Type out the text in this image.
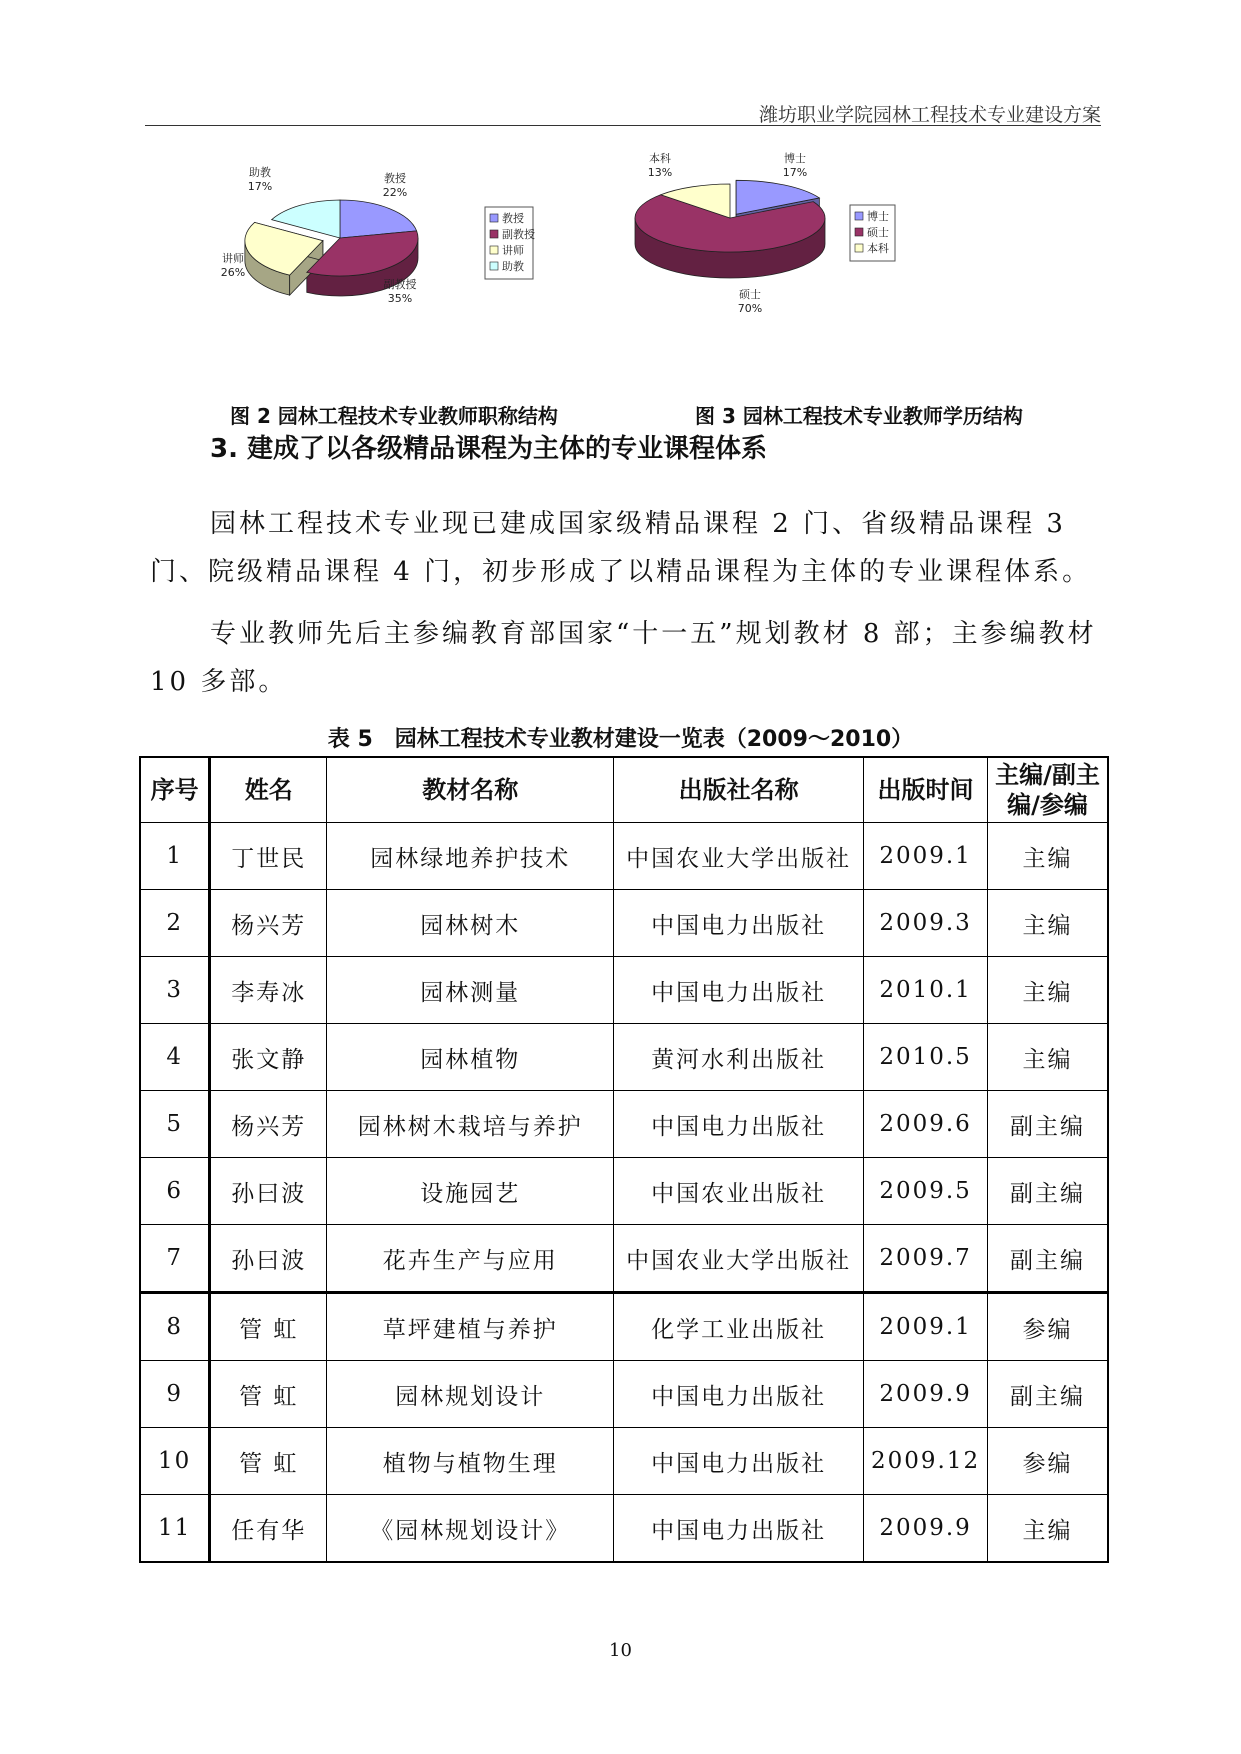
潍坊职业学院园林工程技术专业建设方案
教授
22%
副教授
35%
讲师
26%
助教
17%
教授
副教授
讲师
助教
博士
17%
硕士
70%
本科
13%
博士
硕士
本科
图 2 园林工程技术专业教师职称结构	图 3 园林工程技术专业教师学历结构
3. 建成了以各级精品课程为主体的专业课程体系
园林工程技术专业现已建成国家级精品课程 2 门、省级精品课程 3 门、院级精品课程 4 门，初步形成了以精品课程为主体的专业课程体系。
专业教师先后主参编教育部国家“十一五”规划教材 8 部；主参编教材 10 多部。
表 5　园林工程技术专业教材建设一览表（2009～2010）
序号	姓名	教材名称	出版社名称	出版时间	主编/副主编/参编
1	丁世民	园林绿地养护技术	中国农业大学出版社	2009.1	主编
2	杨兴芳	园林树木	中国电力出版社	2009.3	主编
3	李寿冰	园林测量	中国电力出版社	2010.1	主编
4	张文静	园林植物	黄河水利出版社	2010.5	主编
5	杨兴芳	园林树木栽培与养护	中国电力出版社	2009.6	副主编
6	孙曰波	设施园艺	中国农业出版社	2009.5	副主编
7	孙曰波	花卉生产与应用	中国农业大学出版社	2009.7	副主编
8	管 虹	草坪建植与养护	化学工业出版社	2009.1	参编
9	管 虹	园林规划设计	中国电力出版社	2009.9	副主编
10	管 虹	植物与植物生理	中国电力出版社	2009.12	参编
11	任有华	《园林规划设计》	中国电力出版社	2009.9	主编
10
